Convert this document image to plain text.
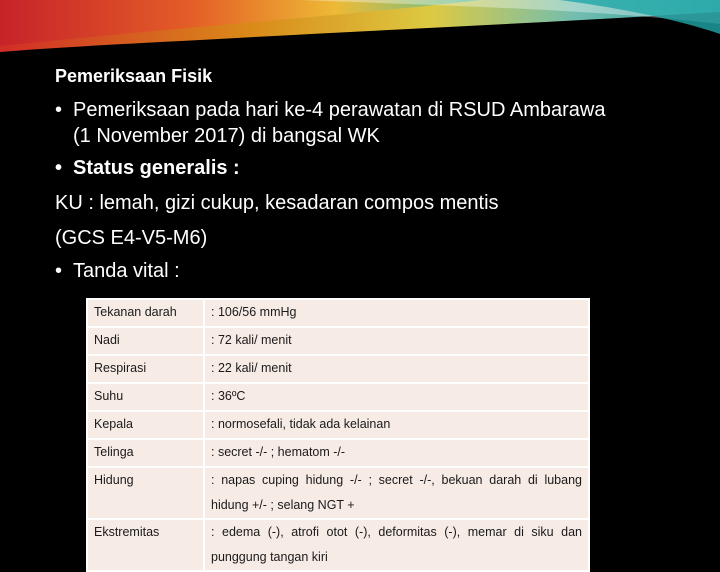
Pemeriksaan Fisik
• Pemeriksaan pada hari ke-4 perawatan di RSUD Ambarawa
(1 November 2017) di bangsal WK
• Status generalis :
KU : lemah, gizi cukup, kesadaran compos mentis
(GCS E4-V5-M6)
• Tanda vital :
Tekanan darah	: 106/56 mmHg
Nadi	: 72 kali/ menit
Respirasi	: 22 kali/ menit
Suhu	: 36ºC
Kepala	: normosefali, tidak ada kelainan
Telinga	: secret -/- ; hematom -/-
Hidung	: napas cuping hidung -/- ; secret -/-, bekuan darah di lubang hidung +/- ; selang NGT +
Ekstremitas	: edema (-), atrofi otot (-), deformitas (-), memar di siku dan punggung tangan kiri
